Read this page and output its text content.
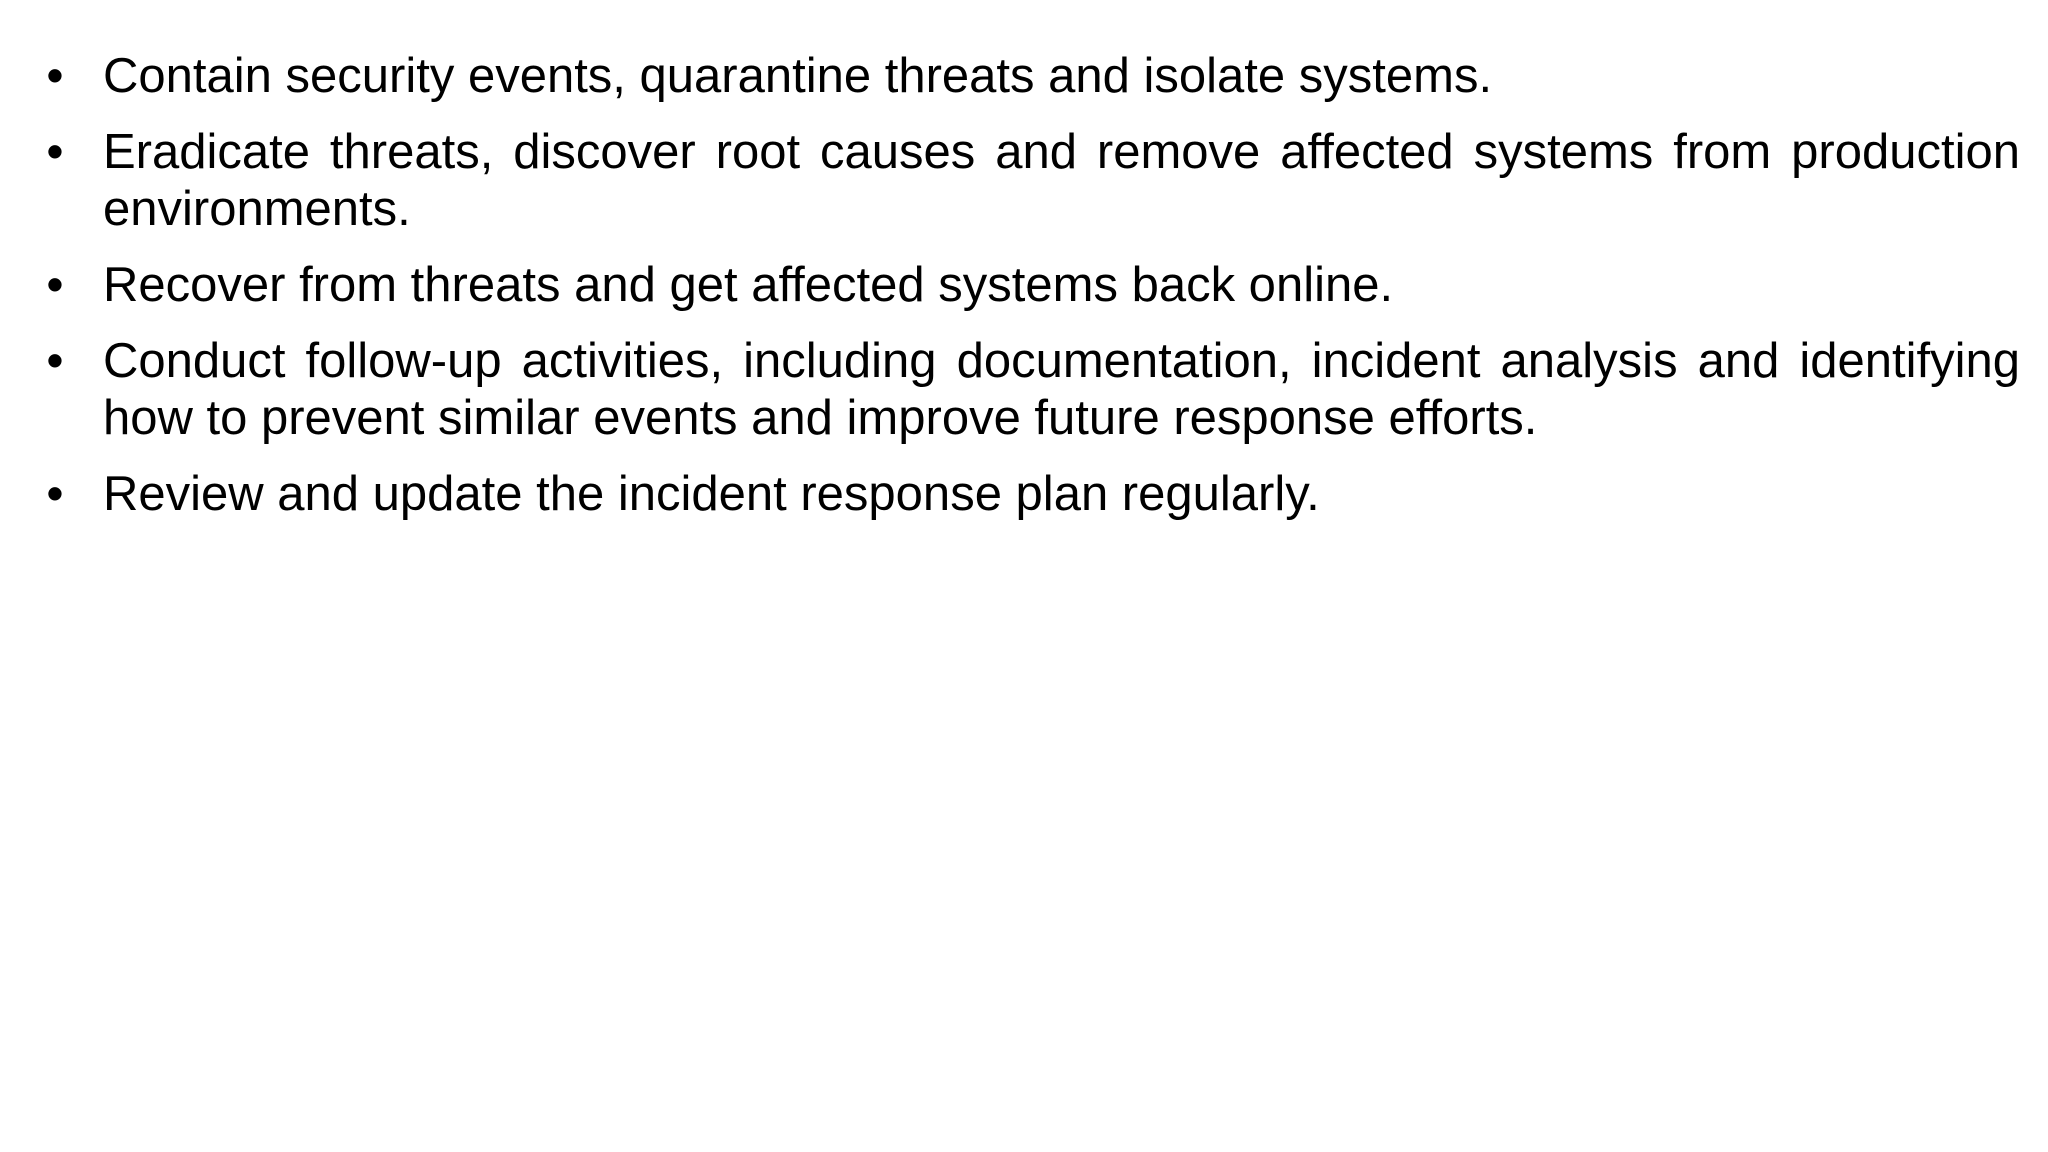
• Contain security events, quarantine threats and isolate systems.
• Eradicate threats, discover root causes and remove affected systems from production environments.
• Recover from threats and get affected systems back online.
• Conduct follow-up activities, including documentation, incident analysis and identifying how to prevent similar events and improve future response efforts.
• Review and update the incident response plan regularly.
